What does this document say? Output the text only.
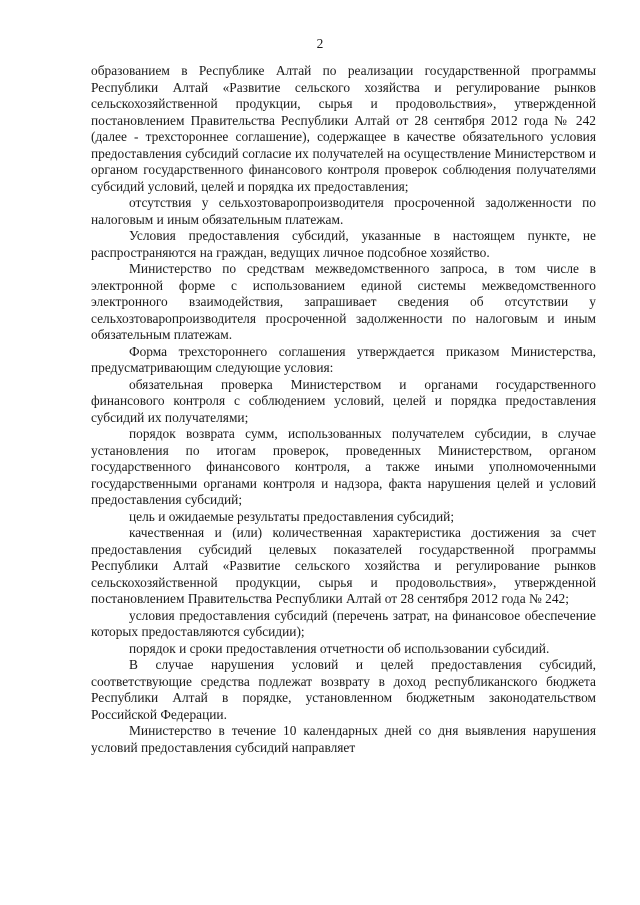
2

образованием в Республике Алтай по реализации государственной программы Республики Алтай «Развитие сельского хозяйства и регулирование рынков сельскохозяйственной продукции, сырья и продовольствия», утвержденной постановлением Правительства Республики Алтай от 28 сентября 2012 года № 242 (далее - трехстороннее соглашение), содержащее в качестве обязательного условия предоставления субсидий согласие их получателей на осуществление Министерством и органом государственного финансового контроля проверок соблюдения получателями субсидий условий, целей и порядка их предоставления;

отсутствия у сельхозтоваропроизводителя просроченной задолженности по налоговым и иным обязательным платежам.

Условия предоставления субсидий, указанные в настоящем пункте, не распространяются на граждан, ведущих личное подсобное хозяйство.

Министерство по средствам межведомственного запроса, в том числе в электронной форме с использованием единой системы межведомственного электронного взаимодействия, запрашивает сведения об отсутствии у сельхозтоваропроизводителя просроченной задолженности по налоговым и иным обязательным платежам.

Форма трехстороннего соглашения утверждается приказом Министерства, предусматривающим следующие условия:

обязательная проверка Министерством и органами государственного финансового контроля с соблюдением условий, целей и порядка предоставления субсидий их получателями;

порядок возврата сумм, использованных получателем субсидии, в случае установления по итогам проверок, проведенных Министерством, органом государственного финансового контроля, а также иными уполномоченными государственными органами контроля и надзора, факта нарушения целей и условий предоставления субсидий;

цель и ожидаемые результаты предоставления субсидий;

качественная и (или) количественная характеристика достижения за счет предоставления субсидий целевых показателей государственной программы Республики Алтай «Развитие сельского хозяйства и регулирование рынков сельскохозяйственной продукции, сырья и продовольствия», утвержденной постановлением Правительства Республики Алтай от 28 сентября 2012 года № 242;

условия предоставления субсидий (перечень затрат, на финансовое обеспечение которых предоставляются субсидии);

порядок и сроки предоставления отчетности об использовании субсидий.

В случае нарушения условий и целей предоставления субсидий, соответствующие средства подлежат возврату в доход республиканского бюджета Республики Алтай в порядке, установленном бюджетным законодательством Российской Федерации.

Министерство в течение 10 календарных дней со дня выявления нарушения условий предоставления субсидий направляет
